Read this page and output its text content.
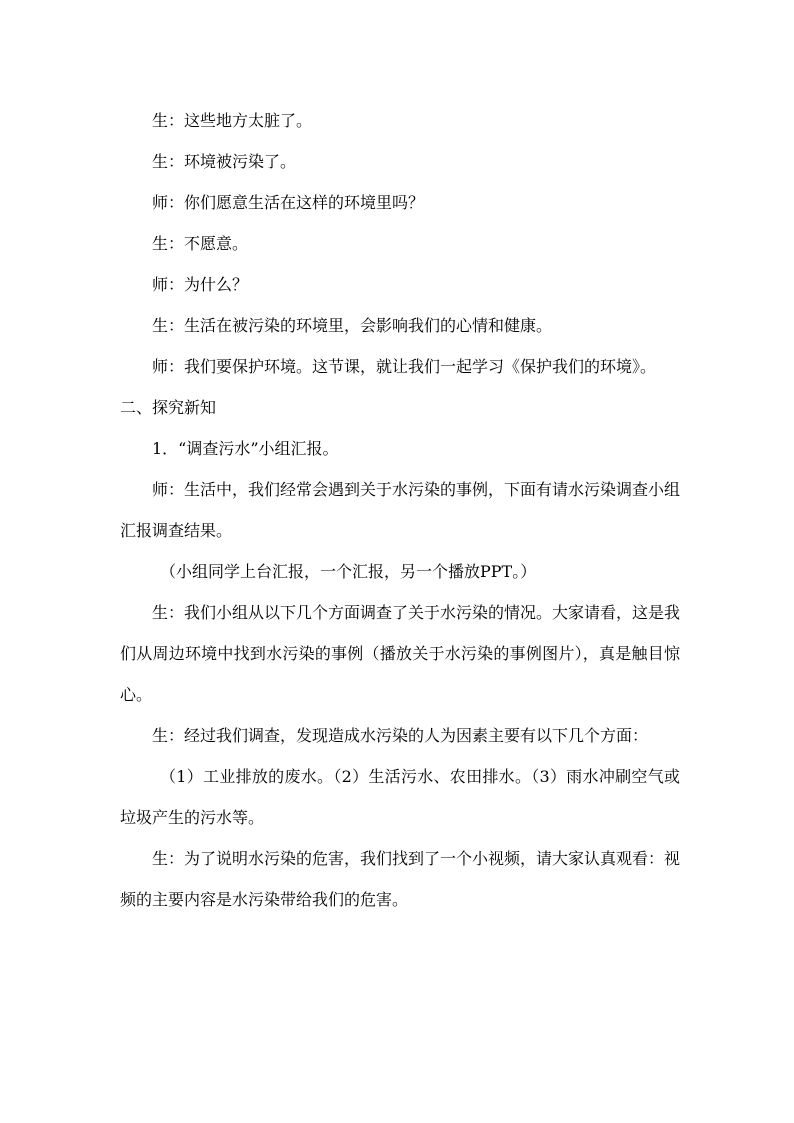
生：这些地方太脏了。

生：环境被污染了。

师：你们愿意生活在这样的环境里吗？

生：不愿意。

师：为什么？

生：生活在被污染的环境里，会影响我们的心情和健康。

师：我们要保护环境。这节课，就让我们一起学习《保护我们的环境》。

二、探究新知

1．“调查污水”小组汇报。

师：生活中，我们经常会遇到关于水污染的事例，下面有请水污染调查小组汇报调查结果。

（小组同学上台汇报，一个汇报，另一个播放PPT。）

生：我们小组从以下几个方面调查了关于水污染的情况。大家请看，这是我们从周边环境中找到水污染的事例（播放关于水污染的事例图片），真是触目惊心。

生：经过我们调查，发现造成水污染的人为因素主要有以下几个方面：

（1）工业排放的废水。（2）生活污水、农田排水。（3）雨水冲刷空气或垃圾产生的污水等。

生：为了说明水污染的危害，我们找到了一个小视频，请大家认真观看：视频的主要内容是水污染带给我们的危害。
